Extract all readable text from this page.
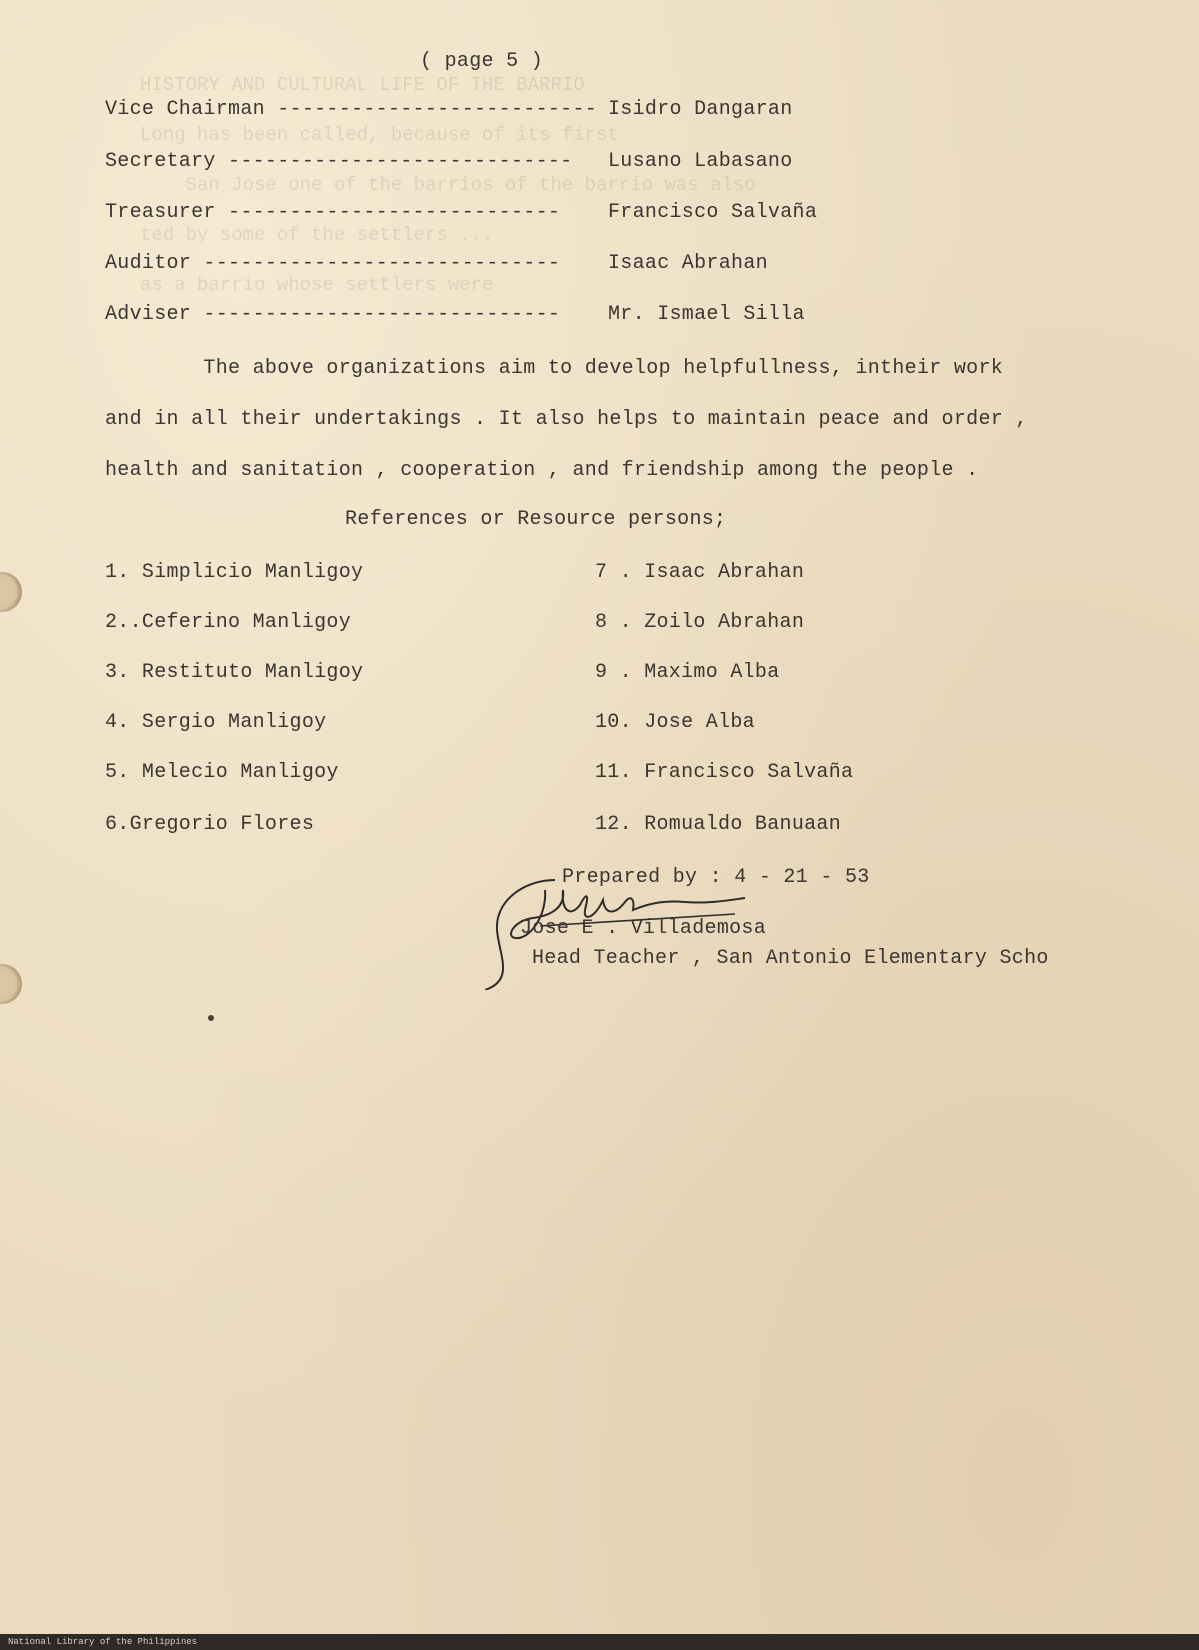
HISTORY AND CULTURAL LIFE OF THE BARRIO
Long has been called, because of its first
San Jose one of the barrios of the barrio was also
ted by some of the settlers ...
as a barrio whose settlers were
( page 5 )
Vice Chairman -------------------------- Isidro Dangaran
Secretary ---------------------------- Lusano Labasano
Treasurer --------------------------- Francisco Salvaña
Auditor ----------------------------- Isaac Abrahan
Adviser ----------------------------- Mr. Ismael Silla
The above organizations aim to develop helpfullness, intheir work
and in all their undertakings . It also helps to maintain peace and order ,
health and sanitation , cooperation , and friendship among the people .
References or Resource persons;
1. Simplicio Manligoy
2..Ceferino Manligoy
3. Restituto Manligoy
4. Sergio Manligoy
5. Melecio Manligoy
6.Gregorio Flores
7 . Isaac Abrahan
8 . Zoilo Abrahan
9 . Maximo Alba
10. Jose Alba
11. Francisco Salvaña
12. Romualdo Banuaan
Prepared by : 4 - 21 - 53
Jose E . Villademosa
Head Teacher , San Antonio Elementary Scho
National Library of the Philippines
